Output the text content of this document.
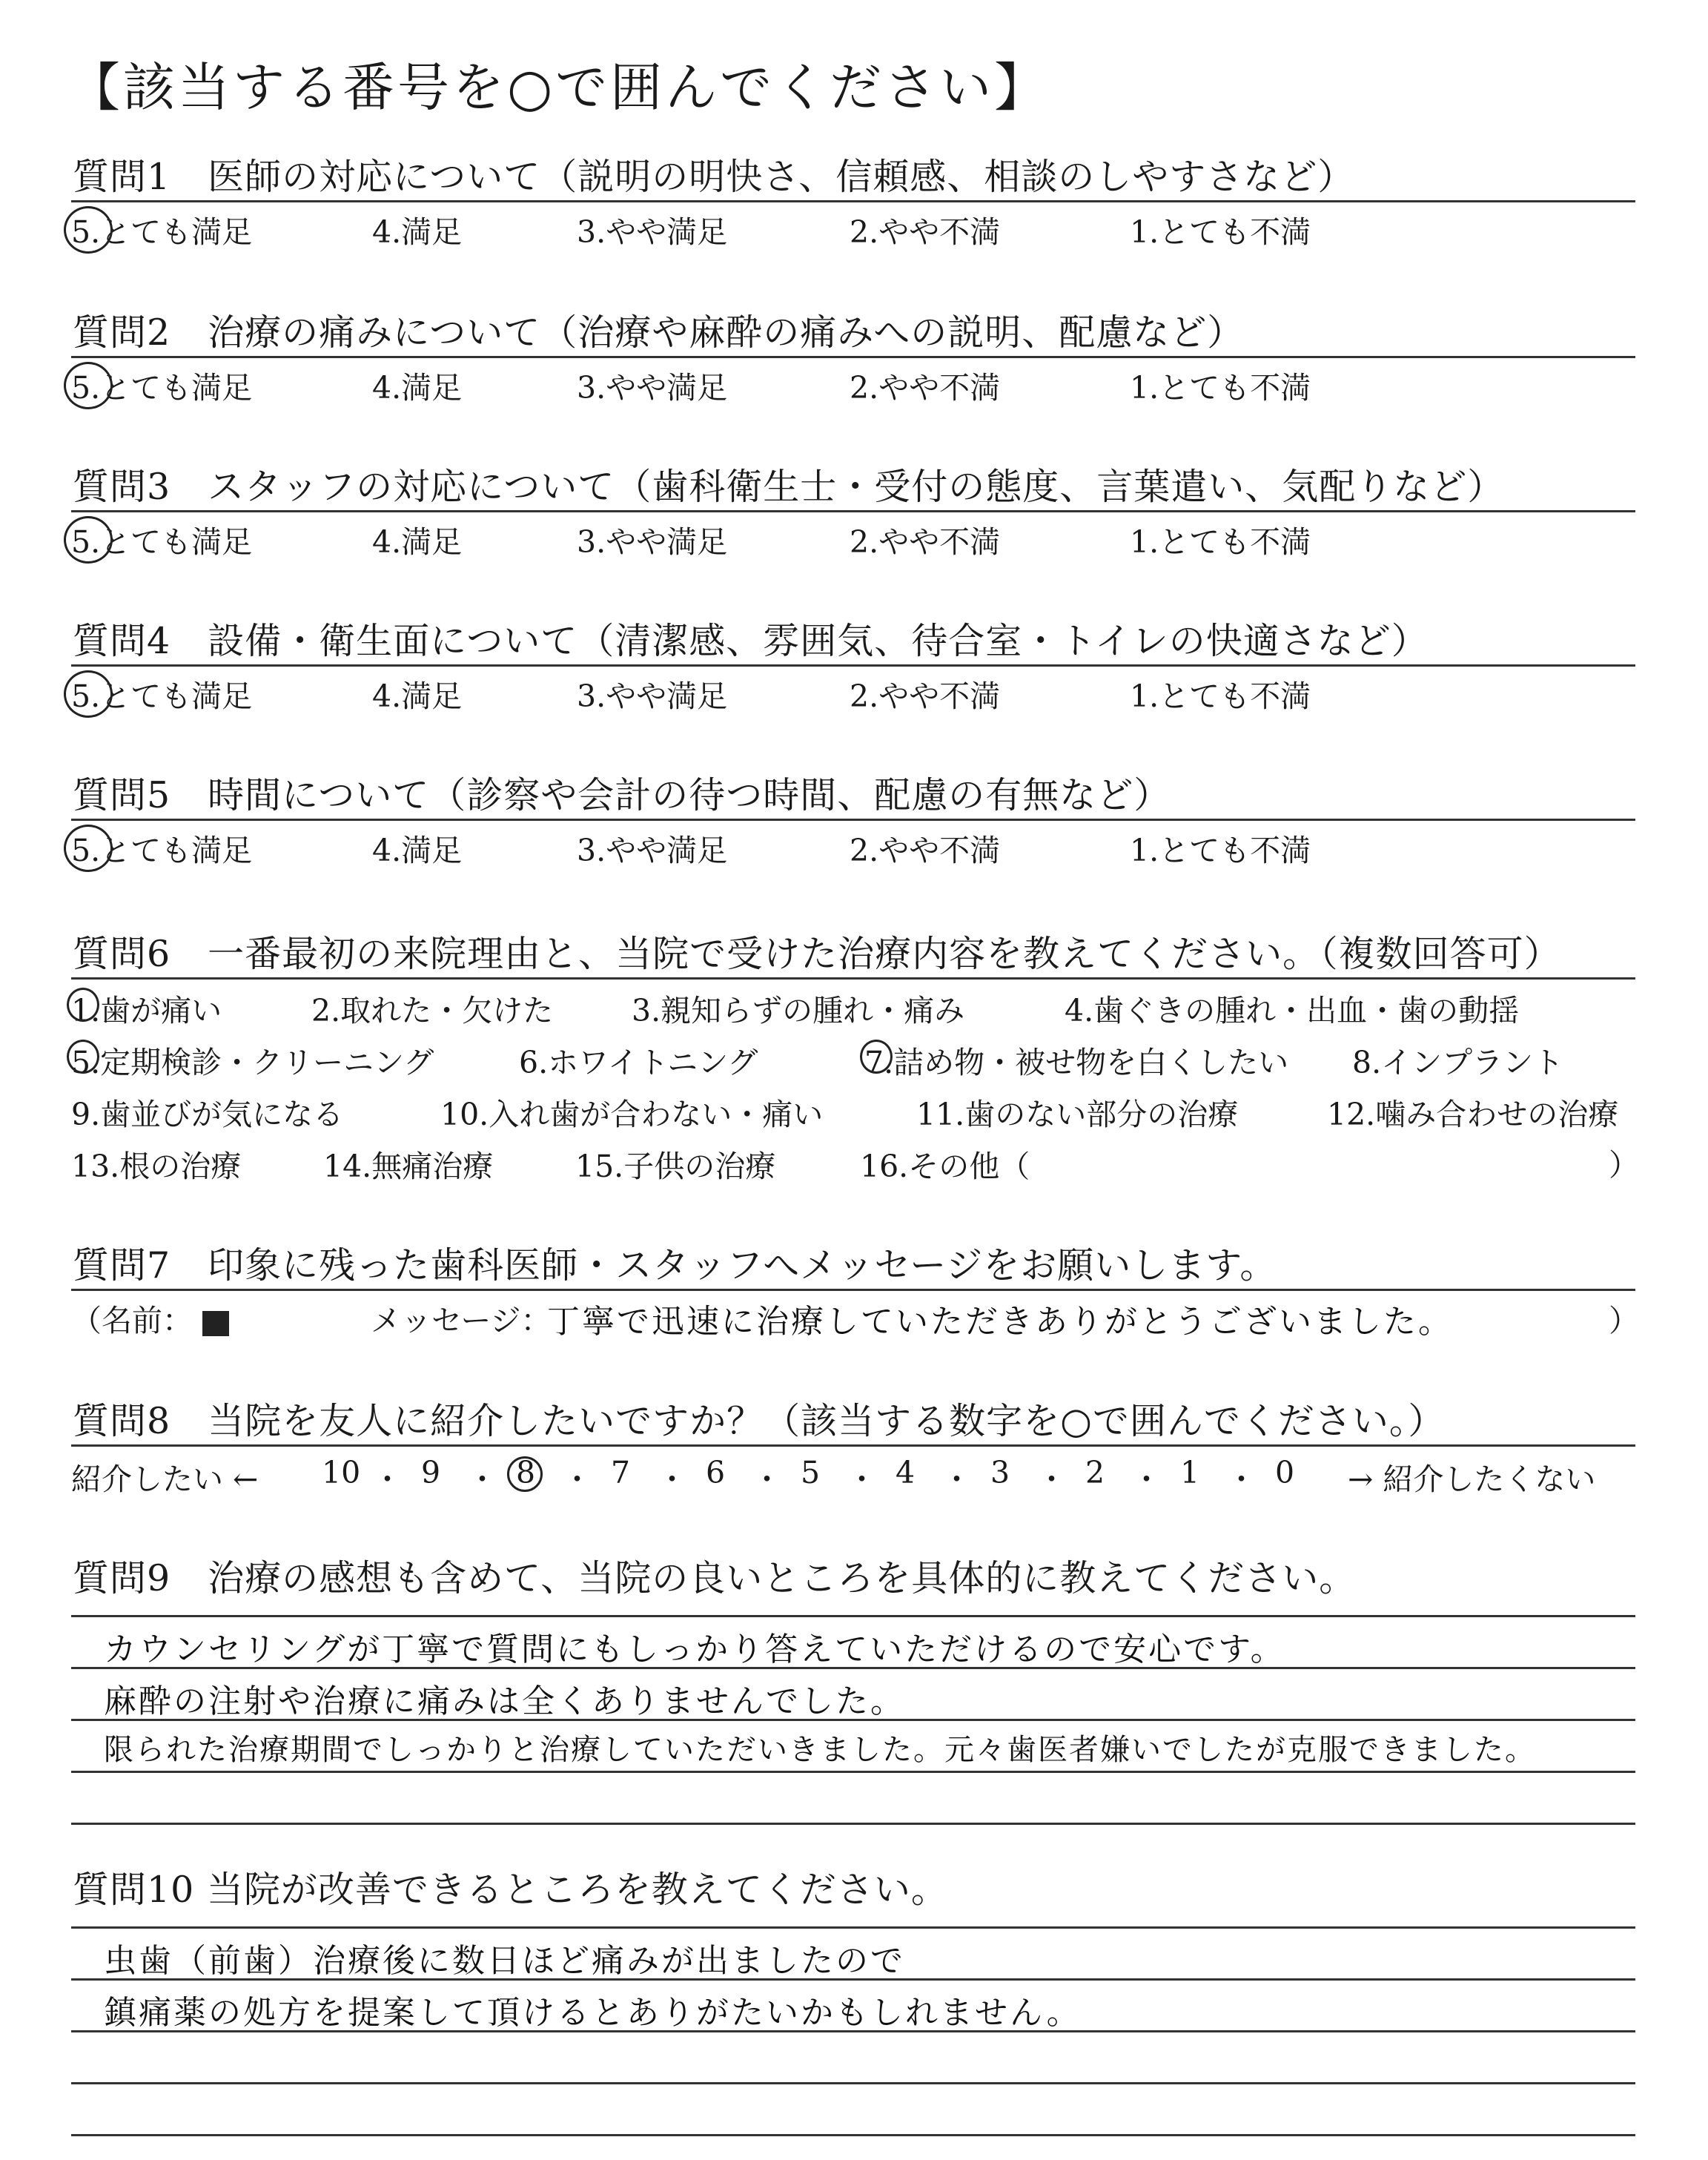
【該当する番号を○で囲んでください】
質問1　医師の対応について（説明の明快さ、信頼感、相談のしやすさなど）
5.とても満足	4.満足	3.やや満足	2.やや不満	1.とても不満
質問2　治療の痛みについて（治療や麻酔の痛みへの説明、配慮など）
5.とても満足	4.満足	3.やや満足	2.やや不満	1.とても不満
質問3　スタッフの対応について（歯科衛生士・受付の態度、言葉遣い、気配りなど）
5.とても満足	4.満足	3.やや満足	2.やや不満	1.とても不満
質問4　設備・衛生面について（清潔感、雰囲気、待合室・トイレの快適さなど）
5.とても満足	4.満足	3.やや満足	2.やや不満	1.とても不満
質問5　時間について（診察や会計の待つ時間、配慮の有無など）
5.とても満足	4.満足	3.やや満足	2.やや不満	1.とても不満
質問6　一番最初の来院理由と、当院で受けた治療内容を教えてください。（複数回答可）
1.歯が痛い	2.取れた・欠けた	3.親知らずの腫れ・痛み	4.歯ぐきの腫れ・出血・歯の動揺
5.定期検診・クリーニング	6.ホワイトニング	7.詰め物・被せ物を白くしたい 8.インプラント
9.歯並びが気になる	10.入れ歯が合わない・痛い	11.歯のない部分の治療	12.噛み合わせの治療
13.根の治療	14.無痛治療	15.子供の治療	16.その他（	）
質問7　印象に残った歯科医師・スタッフへメッセージをお願いします。
（名前：	メッセージ：
丁寧で迅速に治療していただきありがとうございました。	）
質問8　当院を友人に紹介したいですか？（該当する数字を○で囲んでください。）
紹介したい ← 10 ・ 9 ・ 8 ・ 7 ・ 6 ・ 5 ・ 4 ・ 3 ・ 2 ・ 1 ・ 0 → 紹介したくない
質問9　治療の感想も含めて、当院の良いところを具体的に教えてください。
カウンセリングが丁寧で質問にもしっかり答えていただけるので安心です。
麻酔の注射や治療に痛みは全くありませんでした。
限られた治療期間でしっかりと治療していただいきました。元々歯医者嫌いでしたが克服できました。
質問10 当院が改善できるところを教えてください。
虫歯（前歯）治療後に数日ほど痛みが出ましたので
鎮痛薬の処方を提案して頂けるとありがたいかもしれません。
